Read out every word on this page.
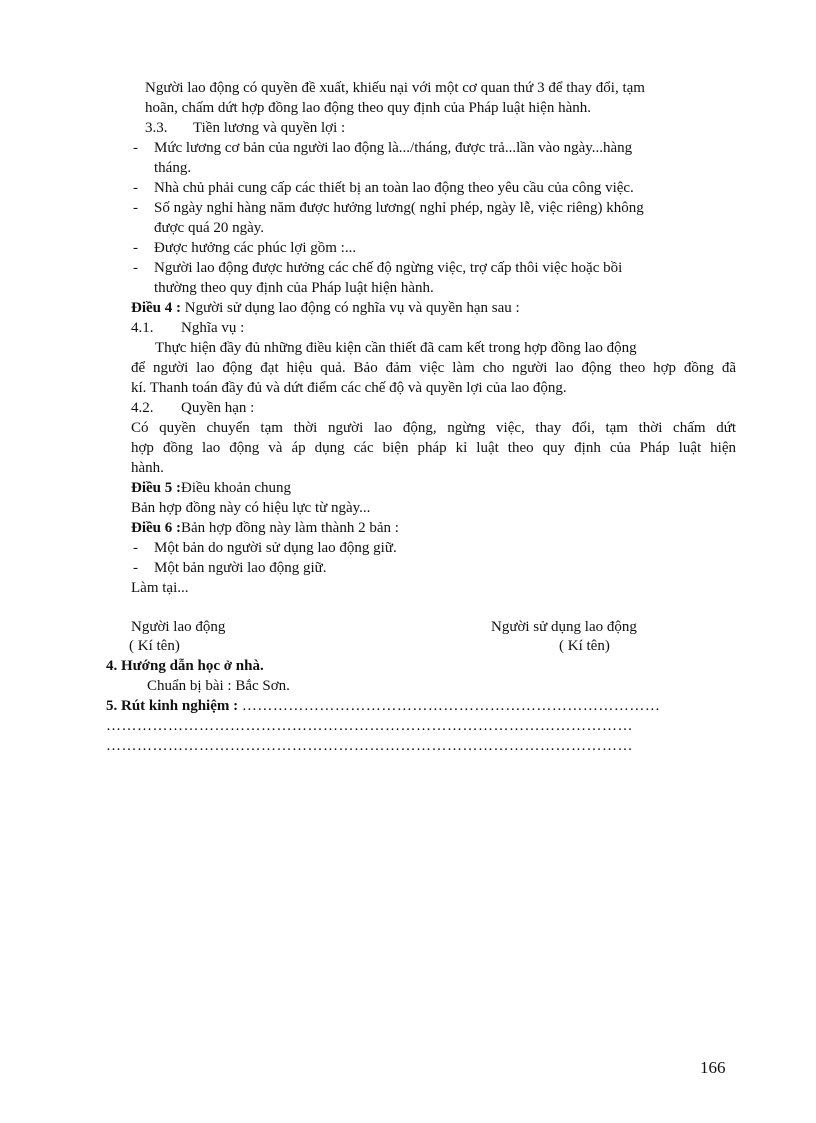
Người lao động có quyền đề xuất, khiếu nại với một cơ quan thứ 3 để thay đổi, tạm
hoãn, chấm dứt hợp đồng lao động theo quy định của Pháp luật hiện hành.
3.3. Tiền lương và quyền lợi :
- Mức lương cơ bản của người lao động là.../tháng, được trả...lần vào ngày...hàng
tháng.
- Nhà chủ phải cung cấp các thiết bị an toàn lao động theo yêu cầu của công việc.
- Số ngày nghỉ hàng năm được hưởng lương( nghỉ phép, ngày lễ, việc riêng) không
được quá 20 ngày.
- Được hưởng các phúc lợi gồm :...
- Người lao động được hưởng các chế độ ngừng việc, trợ cấp thôi việc hoặc bồi
thường theo quy định của Pháp luật hiện hành.
Điều 4 : Người sử dụng lao động có nghĩa vụ và quyền hạn sau :
4.1. Nghĩa vụ :
Thực hiện đầy đủ những điều kiện cần thiết đã cam kết trong hợp đồng lao động
để người lao động đạt hiệu quả. Bảo đảm việc làm cho người lao động theo hợp đồng đã
kí. Thanh toán đầy đủ và dứt điểm các chế độ và quyền lợi của lao động.
4.2. Quyền hạn :
Có quyền chuyển tạm thời người lao động, ngừng việc, thay đổi, tạm thời chấm dứt
hợp đồng lao động và áp dụng các biện pháp kỉ luật theo quy định của Pháp luật hiện
hành.
Điều 5 :Điều khoản chung
Bản hợp đồng này có hiệu lực từ ngày...
Điều 6 :Bản hợp đồng này làm thành 2 bản :
- Một bản do người sử dụng lao động giữ.
- Một bản người lao động giữ.
Làm tại...
Người lao động
( Kí tên)
Người sử dụng lao động
( Kí tên)
4. Hướng dẫn học ở nhà.
Chuẩn bị bài : Bắc Sơn.
5. Rút kinh nghiệm : ………………………………………………………………………
…………………………………………………………………………………………
…………………………………………………………………………………………
166
